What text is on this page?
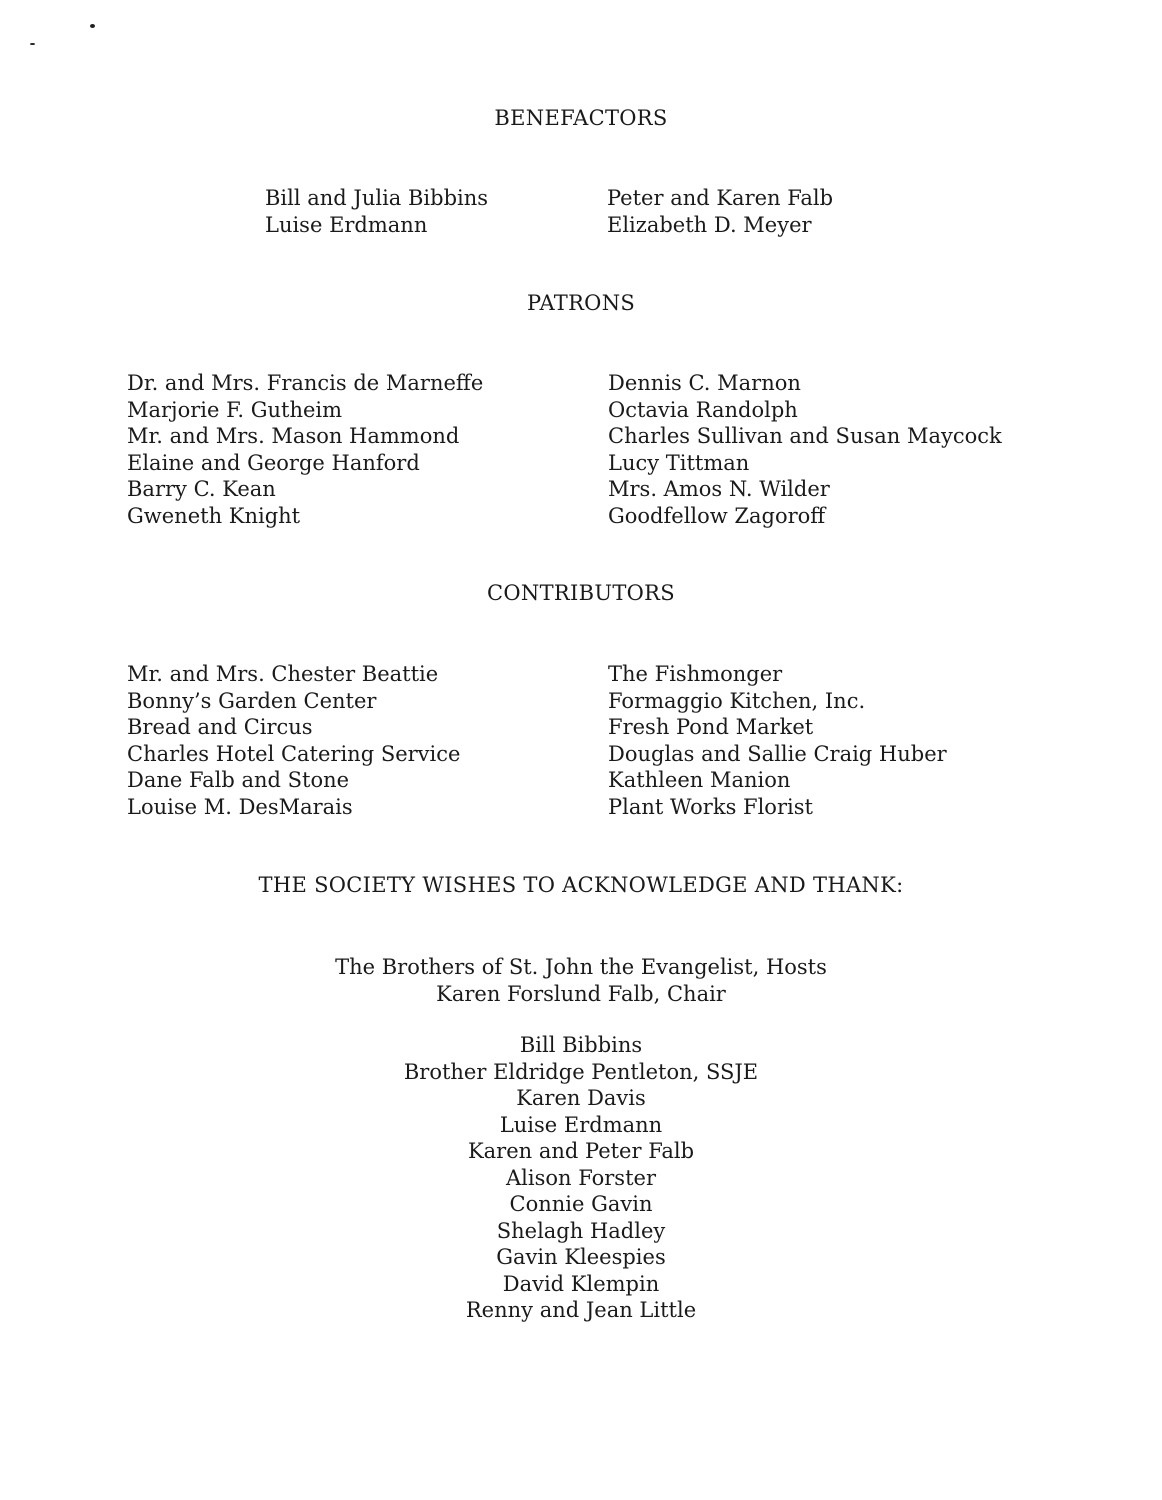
BENEFACTORS
Bill and Julia Bibbins
Luise Erdmann
Peter and Karen Falb
Elizabeth D. Meyer
PATRONS
Dr. and Mrs. Francis de Marneffe
Marjorie F. Gutheim
Mr. and Mrs. Mason Hammond
Elaine and George Hanford
Barry C. Kean
Gweneth Knight
Dennis C. Marnon
Octavia Randolph
Charles Sullivan and Susan Maycock
Lucy Tittman
Mrs. Amos N. Wilder
Goodfellow Zagoroff
CONTRIBUTORS
Mr. and Mrs. Chester Beattie
Bonny’s Garden Center
Bread and Circus
Charles Hotel Catering Service
Dane Falb and Stone
Louise M. DesMarais
The Fishmonger
Formaggio Kitchen, Inc.
Fresh Pond Market
Douglas and Sallie Craig Huber
Kathleen Manion
Plant Works Florist
THE SOCIETY WISHES TO ACKNOWLEDGE AND THANK:
The Brothers of St. John the Evangelist, Hosts
Karen Forslund Falb, Chair
Bill Bibbins
Brother Eldridge Pentleton, SSJE
Karen Davis
Luise Erdmann
Karen and Peter Falb
Alison Forster
Connie Gavin
Shelagh Hadley
Gavin Kleespies
David Klempin
Renny and Jean Little
